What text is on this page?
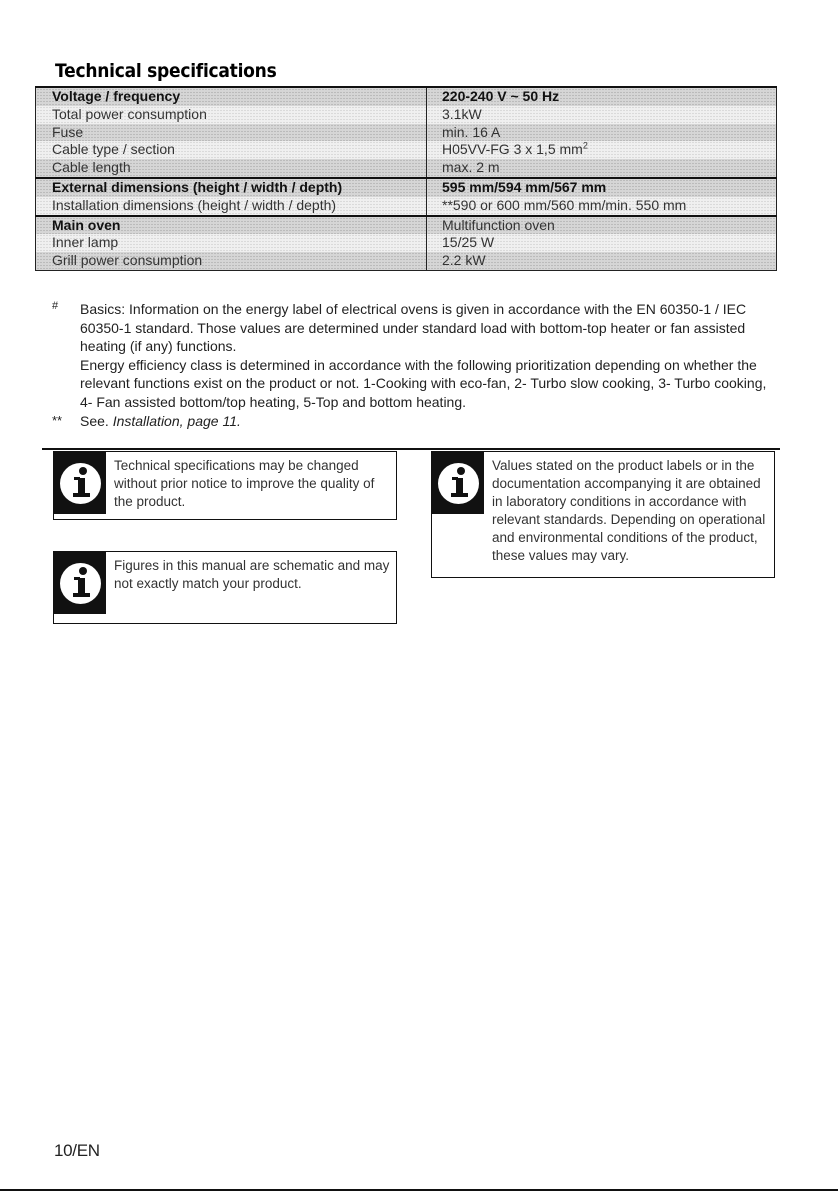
Technical specifications
Voltage / frequency	220-240 V ~ 50 Hz
Total power consumption	3.1kW
Fuse	min. 16 A
Cable type / section	H05VV-FG 3 x 1,5 $mm^2$
Cable length	max. 2 m
External dimensions (height / width / depth)	595 mm/594 mm/567 mm
Installation dimensions (height / width / depth)	**590 or 600 mm/560 mm/min. 550 mm
Main oven	Multifunction oven
Inner lamp	15/25 W
Grill power consumption	2.2 kW
# Basics: Information on the energy label of electrical ovens is given in accordance with the EN 60350-1 / IEC 60350-1 standard. Those values are determined under standard load with bottom-top heater or fan assisted heating (if any) functions.

Energy efficiency class is determined in accordance with the following prioritization depending on whether the relevant functions exist on the product or not. 1-Cooking with eco-fan, 2- Turbo slow cooking, 3- Turbo cooking, 4- Fan assisted bottom/top heating, 5-Top and bottom heating.

** See. Installation, page 11.
Technical specifications may be changed without prior notice to improve the quality of the product.
Figures in this manual are schematic and may not exactly match your product.
Values stated on the product labels or in the documentation accompanying it are obtained in laboratory conditions in accordance with relevant standards. Depending on operational and environmental conditions of the product, these values may vary.
10/EN
